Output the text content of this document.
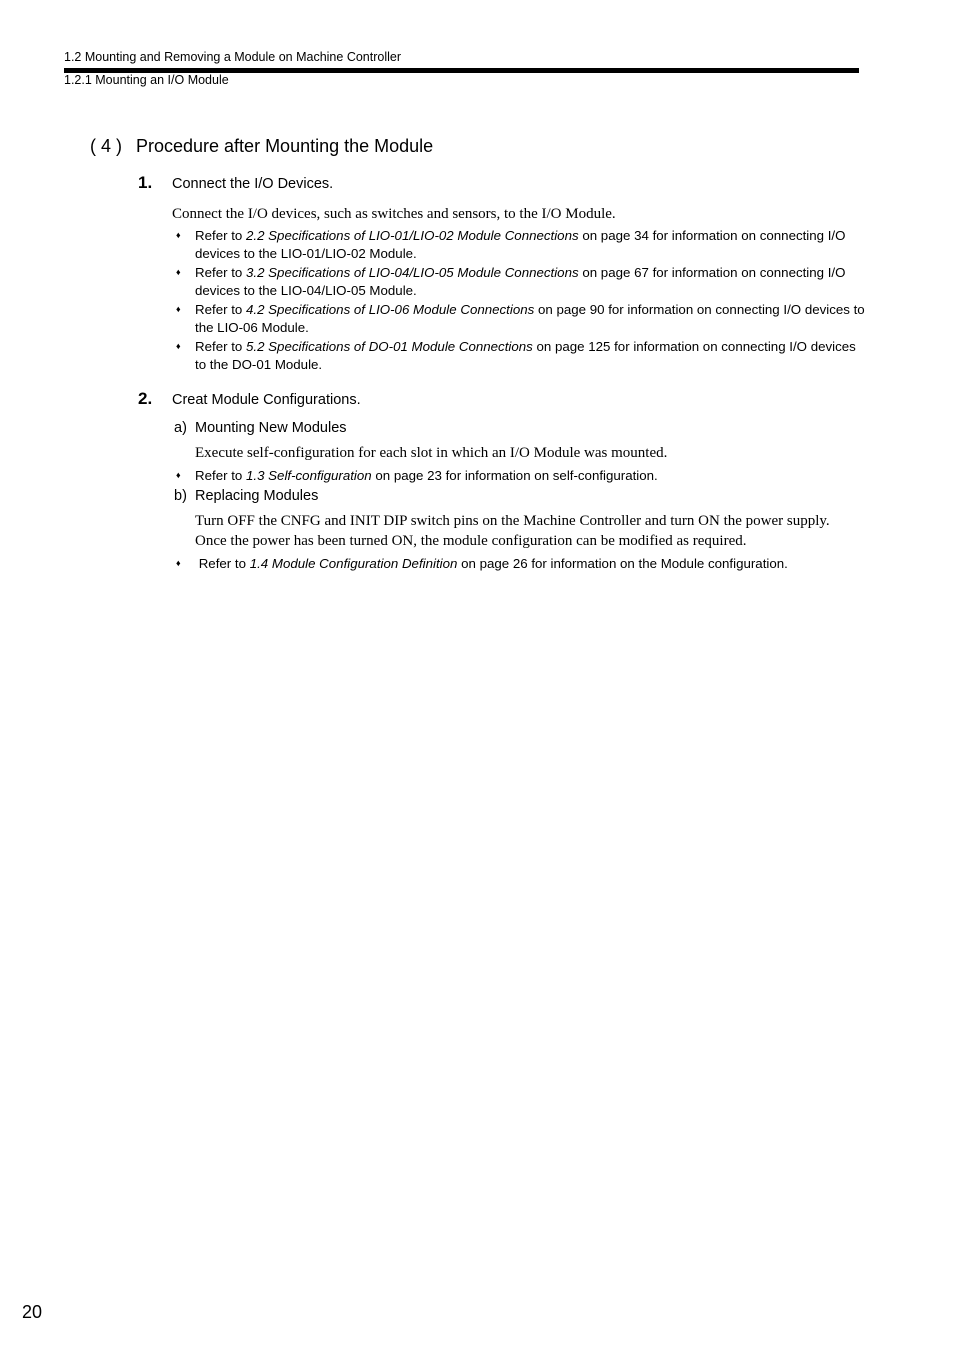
1.2 Mounting and Removing a Module on Machine Controller
1.2.1 Mounting an I/O Module
( 4 ) Procedure after Mounting the Module
1. Connect the I/O Devices.
Connect the I/O devices, such as switches and sensors, to the I/O Module.
♦ Refer to 2.2 Specifications of LIO-01/LIO-02 Module Connections on page 34 for information on connecting I/O devices to the LIO-01/LIO-02 Module.
♦ Refer to 3.2 Specifications of LIO-04/LIO-05 Module Connections on page 67 for information on connecting I/O devices to the LIO-04/LIO-05 Module.
♦ Refer to 4.2 Specifications of LIO-06 Module Connections on page 90 for information on connecting I/O devices to the LIO-06 Module.
♦ Refer to 5.2 Specifications of DO-01 Module Connections on page 125 for information on connecting I/O devices to the DO-01 Module.
2. Creat Module Configurations.
a) Mounting New Modules
Execute self-configuration for each slot in which an I/O Module was mounted.
♦ Refer to 1.3 Self-configuration on page 23 for information on self-configuration.
b) Replacing Modules
Turn OFF the CNFG and INIT DIP switch pins on the Machine Controller and turn ON the power supply.
Once the power has been turned ON, the module configuration can be modified as required.
♦ Refer to 1.4 Module Configuration Definition on page 26 for information on the Module configuration.
20
